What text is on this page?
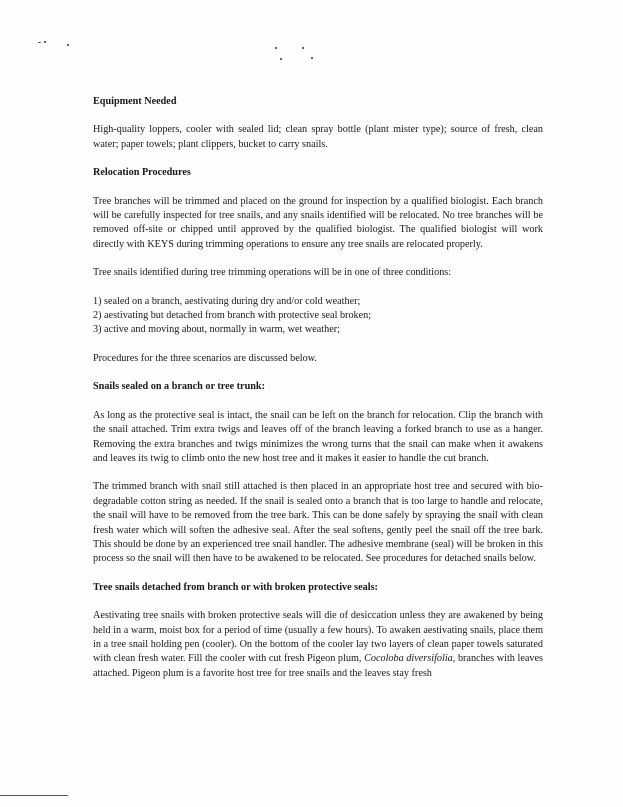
Equipment Needed

High-quality loppers, cooler with sealed lid; clean spray bottle (plant mister type); source of fresh, clean water; paper towels; plant clippers, bucket to carry snails.

Relocation Procedures

Tree branches will be trimmed and placed on the ground for inspection by a qualified biologist. Each branch will be carefully inspected for tree snails, and any snails identified will be relocated. No tree branches will be removed off-site or chipped until approved by the qualified biologist. The qualified biologist will work directly with KEYS during trimming operations to ensure any tree snails are relocated properly.

Tree snails identified during tree trimming operations will be in one of three conditions:

1) sealed on a branch, aestivating during dry and/or cold weather;

2) aestivating but detached from branch with protective seal broken;

3) active and moving about, normally in warm, wet weather;

Procedures for the three scenarios are discussed below.

Snails sealed on a branch or tree trunk:

As long as the protective seal is intact, the snail can be left on the branch for relocation. Clip the branch with the snail attached. Trim extra twigs and leaves off of the branch leaving a forked branch to use as a hanger. Removing the extra branches and twigs minimizes the wrong turns that the snail can make when it awakens and leaves its twig to climb onto the new host tree and it makes it easier to handle the cut branch.

The trimmed branch with snail still attached is then placed in an appropriate host tree and secured with bio-degradable cotton string as needed. If the snail is sealed onto a branch that is too large to handle and relocate, the snail will have to be removed from the tree bark. This can be done safely by spraying the snail with clean fresh water which will soften the adhesive seal. After the seal softens, gently peel the snail off the tree bark. This should be done by an experienced tree snail handler. The adhesive membrane (seal) will be broken in this process so the snail will then have to be awakened to be relocated. See procedures for detached snails below.

Tree snails detached from branch or with broken protective seals:

Aestivating tree snails with broken protective seals will die of desiccation unless they are awakened by being held in a warm, moist box for a period of time (usually a few hours). To awaken aestivating snails, place them in a tree snail holding pen (cooler). On the bottom of the cooler lay two layers of clean paper towels saturated with clean fresh water. Fill the cooler with cut fresh Pigeon plum, Cocoloba diversifolia, branches with leaves attached. Pigeon plum is a favorite host tree for tree snails and the leaves stay fresh
